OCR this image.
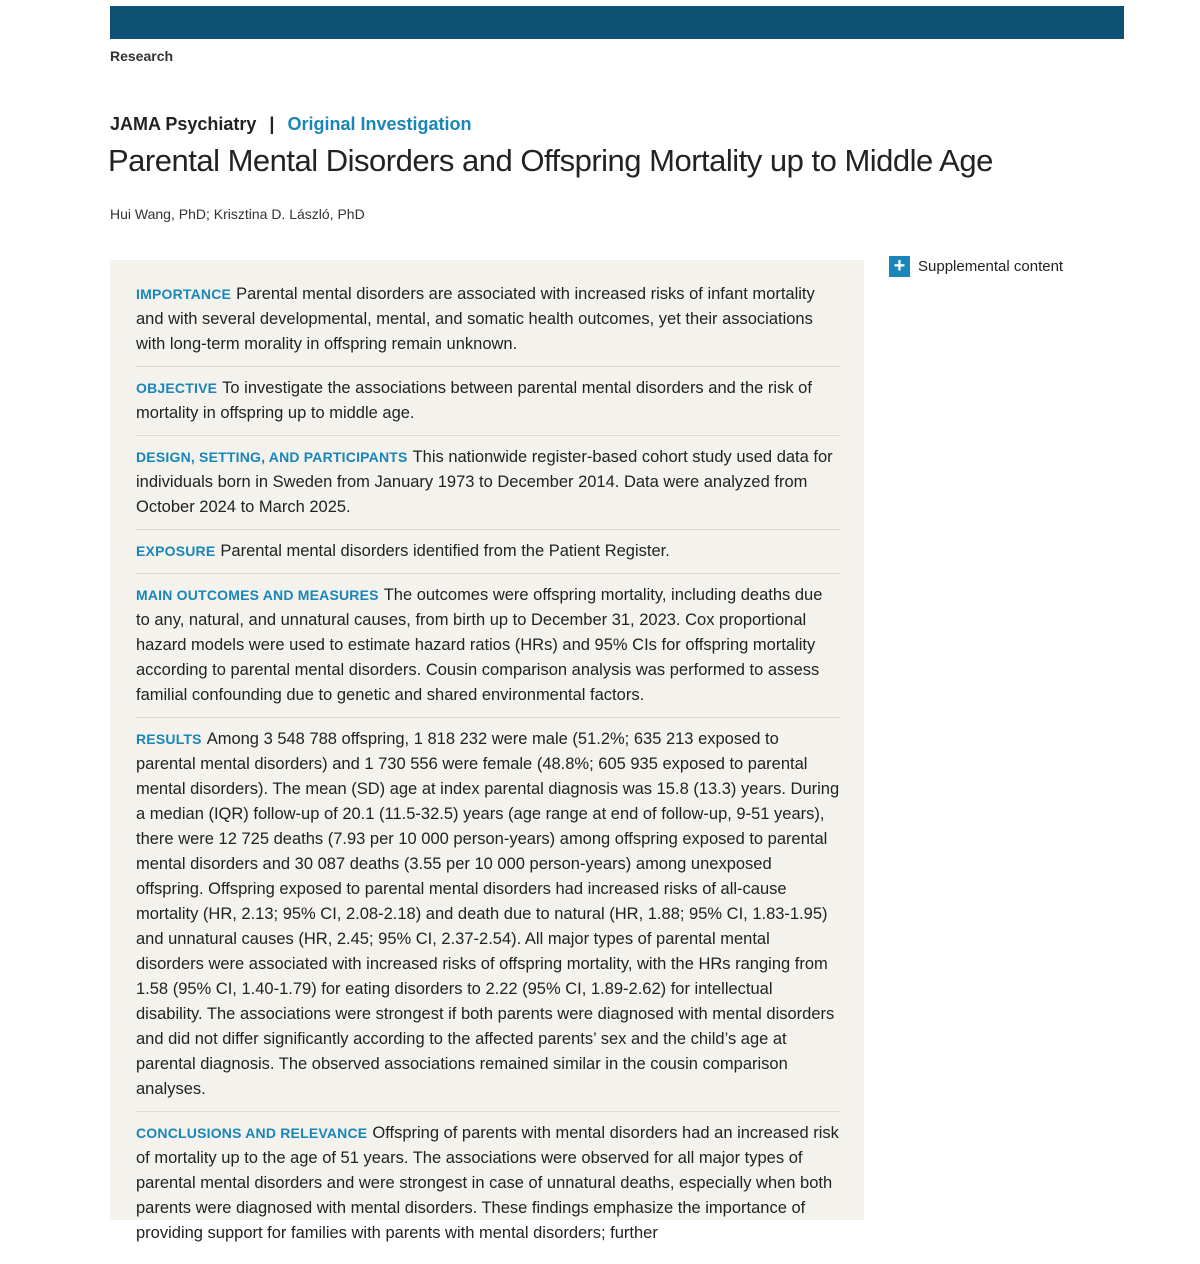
Research
JAMA Psychiatry | Original Investigation
Parental Mental Disorders and Offspring Mortality up to Middle Age
Hui Wang, PhD; Krisztina D. László, PhD
+ Supplemental content
IMPORTANCE Parental mental disorders are associated with increased risks of infant mortality and with several developmental, mental, and somatic health outcomes, yet their associations with long-term morality in offspring remain unknown.
OBJECTIVE To investigate the associations between parental mental disorders and the risk of mortality in offspring up to middle age.
DESIGN, SETTING, AND PARTICIPANTS This nationwide register-based cohort study used data for individuals born in Sweden from January 1973 to December 2014. Data were analyzed from October 2024 to March 2025.
EXPOSURE Parental mental disorders identified from the Patient Register.
MAIN OUTCOMES AND MEASURES The outcomes were offspring mortality, including deaths due to any, natural, and unnatural causes, from birth up to December 31, 2023. Cox proportional hazard models were used to estimate hazard ratios (HRs) and 95% CIs for offspring mortality according to parental mental disorders. Cousin comparison analysis was performed to assess familial confounding due to genetic and shared environmental factors.
RESULTS Among 3 548 788 offspring, 1 818 232 were male (51.2%; 635 213 exposed to parental mental disorders) and 1 730 556 were female (48.8%; 605 935 exposed to parental mental disorders). The mean (SD) age at index parental diagnosis was 15.8 (13.3) years. During a median (IQR) follow-up of 20.1 (11.5-32.5) years (age range at end of follow-up, 9-51 years), there were 12 725 deaths (7.93 per 10 000 person-years) among offspring exposed to parental mental disorders and 30 087 deaths (3.55 per 10 000 person-years) among unexposed offspring. Offspring exposed to parental mental disorders had increased risks of all-cause mortality (HR, 2.13; 95% CI, 2.08-2.18) and death due to natural (HR, 1.88; 95% CI, 1.83-1.95) and unnatural causes (HR, 2.45; 95% CI, 2.37-2.54). All major types of parental mental disorders were associated with increased risks of offspring mortality, with the HRs ranging from 1.58 (95% CI, 1.40-1.79) for eating disorders to 2.22 (95% CI, 1.89-2.62) for intellectual disability. The associations were strongest if both parents were diagnosed with mental disorders and did not differ significantly according to the affected parents’ sex and the child’s age at parental diagnosis. The observed associations remained similar in the cousin comparison analyses.
CONCLUSIONS AND RELEVANCE Offspring of parents with mental disorders had an increased risk of mortality up to the age of 51 years. The associations were observed for all major types of parental mental disorders and were strongest in case of unnatural deaths, especially when both parents were diagnosed with mental disorders. These findings emphasize the importance of providing support for families with parents with mental disorders; further
